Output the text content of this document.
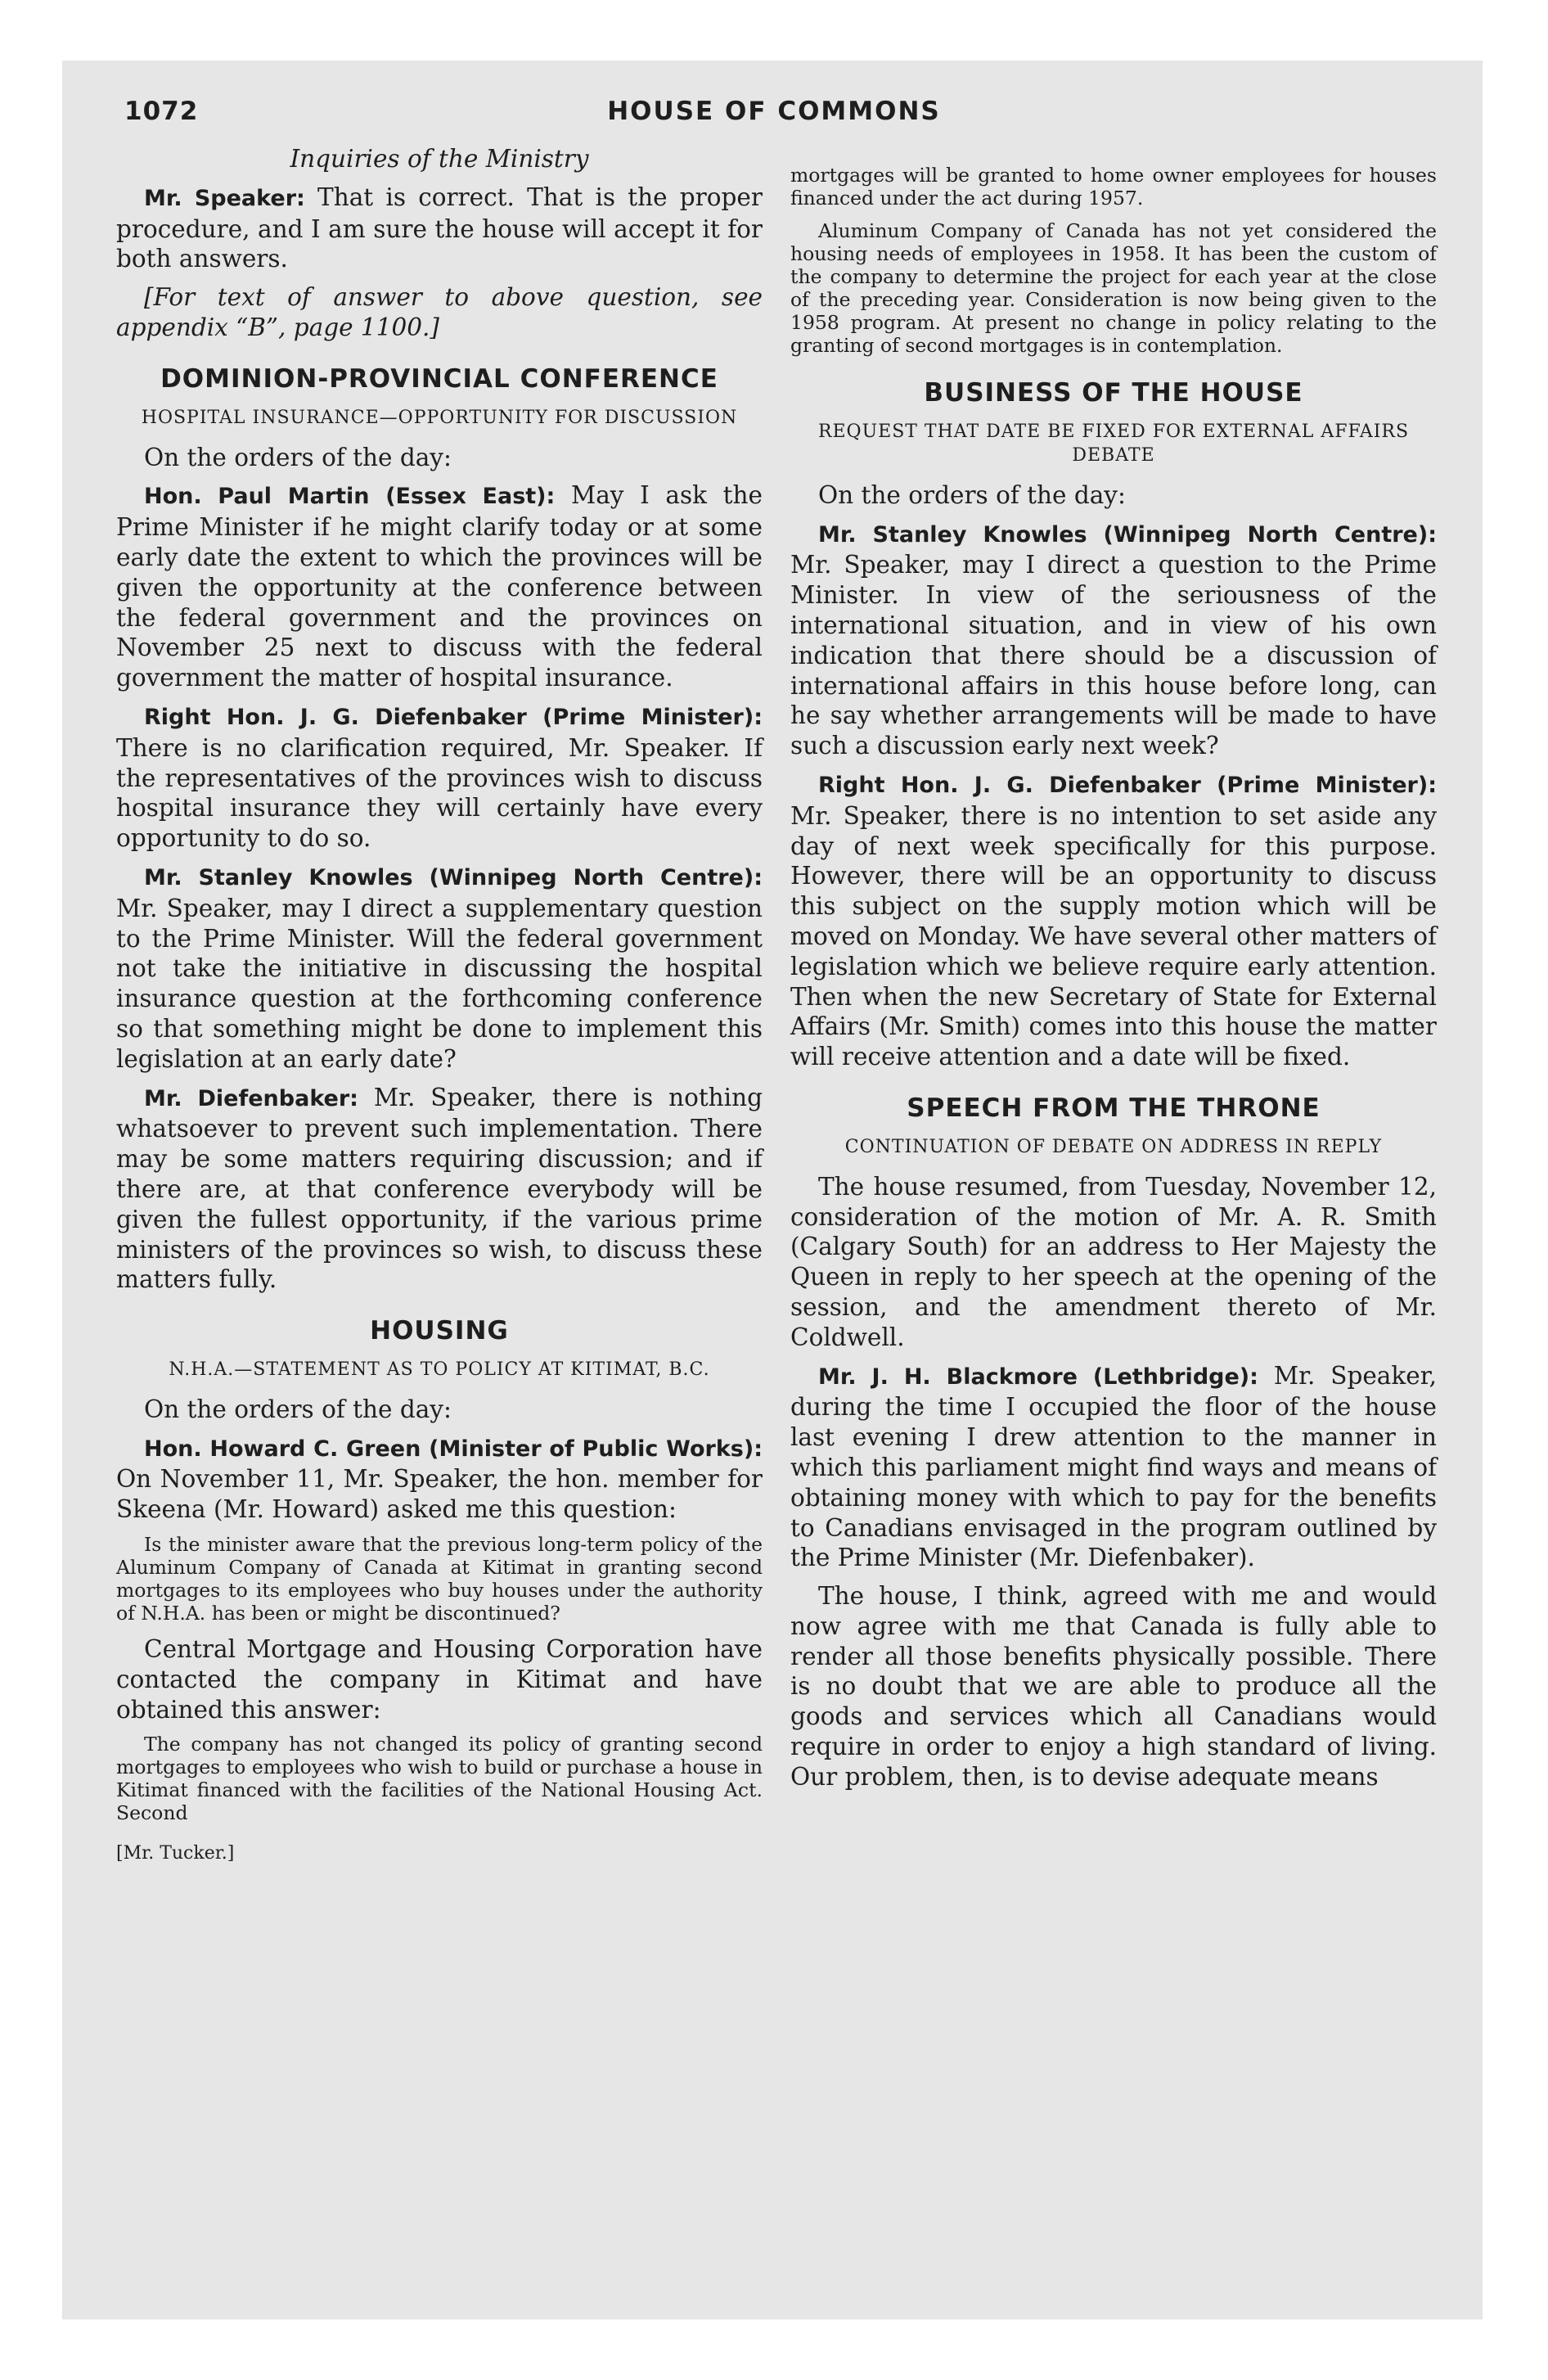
1072	HOUSE OF COMMONS

Inquiries of the Ministry

Mr. Speaker: That is correct. That is the proper procedure, and I am sure the house will accept it for both answers.

[For text of answer to above question, see appendix “B”, page 1100.]

DOMINION-PROVINCIAL CONFERENCE
HOSPITAL INSURANCE—OPPORTUNITY FOR DISCUSSION

On the orders of the day:

Hon. Paul Martin (Essex East): May I ask the Prime Minister if he might clarify today or at some early date the extent to which the provinces will be given the opportunity at the conference between the federal government and the provinces on November 25 next to discuss with the federal government the matter of hospital insurance.

Right Hon. J. G. Diefenbaker (Prime Minister): There is no clarification required, Mr. Speaker. If the representatives of the provinces wish to discuss hospital insurance they will certainly have every opportunity to do so.

Mr. Stanley Knowles (Winnipeg North Centre): Mr. Speaker, may I direct a supplementary question to the Prime Minister. Will the federal government not take the initiative in discussing the hospital insurance question at the forthcoming conference so that something might be done to implement this legislation at an early date?

Mr. Diefenbaker: Mr. Speaker, there is nothing whatsoever to prevent such implementation. There may be some matters requiring discussion; and if there are, at that conference everybody will be given the fullest opportunity, if the various prime ministers of the provinces so wish, to discuss these matters fully.

HOUSING
N.H.A.—STATEMENT AS TO POLICY AT KITIMAT, B.C.

On the orders of the day:

Hon. Howard C. Green (Minister of Public Works): On November 11, Mr. Speaker, the hon. member for Skeena (Mr. Howard) asked me this question:

Is the minister aware that the previous long-term policy of the Aluminum Company of Canada at Kitimat in granting second mortgages to its employees who buy houses under the authority of N.H.A. has been or might be discontinued?

Central Mortgage and Housing Corporation have contacted the company in Kitimat and have obtained this answer:

The company has not changed its policy of granting second mortgages to employees who wish to build or purchase a house in Kitimat financed with the facilities of the National Housing Act. Second

[Mr. Tucker.]

mortgages will be granted to home owner employees for houses financed under the act during 1957.

Aluminum Company of Canada has not yet considered the housing needs of employees in 1958. It has been the custom of the company to determine the project for each year at the close of the preceding year. Consideration is now being given to the 1958 program. At present no change in policy relating to the granting of second mortgages is in contemplation.

BUSINESS OF THE HOUSE
REQUEST THAT DATE BE FIXED FOR EXTERNAL AFFAIRS DEBATE

On the orders of the day:

Mr. Stanley Knowles (Winnipeg North Centre): Mr. Speaker, may I direct a question to the Prime Minister. In view of the seriousness of the international situation, and in view of his own indication that there should be a discussion of international affairs in this house before long, can he say whether arrangements will be made to have such a discussion early next week?

Right Hon. J. G. Diefenbaker (Prime Minister): Mr. Speaker, there is no intention to set aside any day of next week specifically for this purpose. However, there will be an opportunity to discuss this subject on the supply motion which will be moved on Monday. We have several other matters of legislation which we believe require early attention. Then when the new Secretary of State for External Affairs (Mr. Smith) comes into this house the matter will receive attention and a date will be fixed.

SPEECH FROM THE THRONE
CONTINUATION OF DEBATE ON ADDRESS IN REPLY

The house resumed, from Tuesday, November 12, consideration of the motion of Mr. A. R. Smith (Calgary South) for an address to Her Majesty the Queen in reply to her speech at the opening of the session, and the amendment thereto of Mr. Coldwell.

Mr. J. H. Blackmore (Lethbridge): Mr. Speaker, during the time I occupied the floor of the house last evening I drew attention to the manner in which this parliament might find ways and means of obtaining money with which to pay for the benefits to Canadians envisaged in the program outlined by the Prime Minister (Mr. Diefenbaker).

The house, I think, agreed with me and would now agree with me that Canada is fully able to render all those benefits physically possible. There is no doubt that we are able to produce all the goods and services which all Canadians would require in order to enjoy a high standard of living. Our problem, then, is to devise adequate means
